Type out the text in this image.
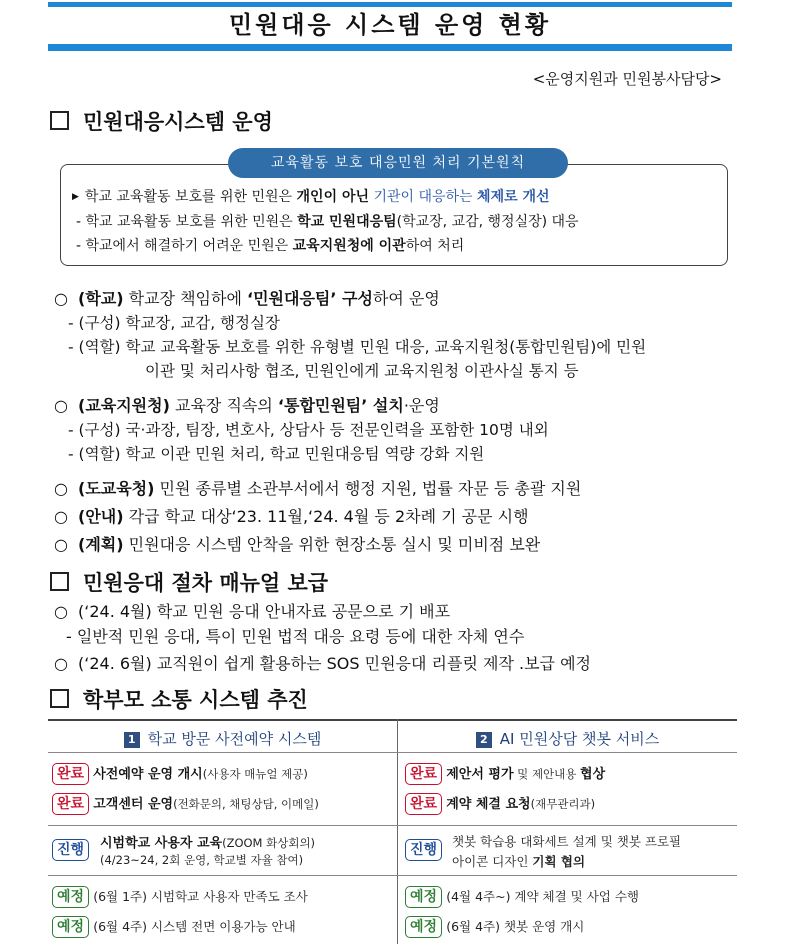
민원대응 시스템 운영 현황
<운영지원과 민원봉사담당>
민원대응시스템 운영
교육활동 보호 대응민원 처리 기본원칙
▶ 학교 교육활동 보호를 위한 민원은 개인이 아닌 기관이 대응하는 체제로 개선
- 학교 교육활동 보호를 위한 민원은 학교 민원대응팀(학교장, 교감, 행정실장) 대응
- 학교에서 해결하기 어려운 민원은 교육지원청에 이관하여 처리
○ (학교) 학교장 책임하에 ‘민원대응팀’ 구성하여 운영
- (구성) 학교장, 교감, 행정실장
- (역할) 학교 교육활동 보호를 위한 유형별 민원 대응, 교육지원청(통합민원팀)에 민원
이관 및 처리사항 협조, 민원인에게 교육지원청 이관사실 통지 등
○ (교육지원청) 교육장 직속의 ‘통합민원팀’ 설치·운영
- (구성) 국·과장, 팀장, 변호사, 상담사 등 전문인력을 포함한 10명 내외
- (역할) 학교 이관 민원 처리, 학교 민원대응팀 역량 강화 지원
○ (도교육청) 민원 종류별 소관부서에서 행정 지원, 법률 자문 등 총괄 지원
○ (안내) 각급 학교 대상‘23. 11월,‘24. 4월 등 2차례 기 공문 시행
○ (계획) 민원대응 시스템 안착을 위한 현장소통 실시 및 미비점 보완
민원응대 절차 매뉴얼 보급
○ (‘24. 4월) 학교 민원 응대 안내자료 공문으로 기 배포
- 일반적 민원 응대, 특이 민원 법적 대응 요령 등에 대한 자체 연수
○ (‘24. 6월) 교직원이 쉽게 활용하는 SOS 민원응대 리플릿 제작 .보급 예정
학부모 소통 시스템 추진
1 학교 방문 사전예약 시스템	2 AI 민원상담 챗봇 서비스
완료 사전예약 운영 개시(사용자 매뉴얼 제공)
완료 고객센터 운영(전화문의, 채팅상담, 이메일)
진행	시범학교 사용자 교육(ZOOM 화상회의)
(4/23~24, 2회 운영, 학교별 자율 참여)
예정 (6월 1주) 시범학교 사용자 만족도 조사
예정 (6월 4주) 시스템 전면 이용가능 안내
완료 제안서 평가 및 제안내용 협상
완료 계약 체결 요청(재무관리과)
진행
챗봇 학습용 대화세트 설계 및 챗봇 프로필
아이콘 디자인 기획 협의
예정 (4월 4주~) 계약 체결 및 사업 수행
예정 (6월 4주) 챗봇 운영 개시
